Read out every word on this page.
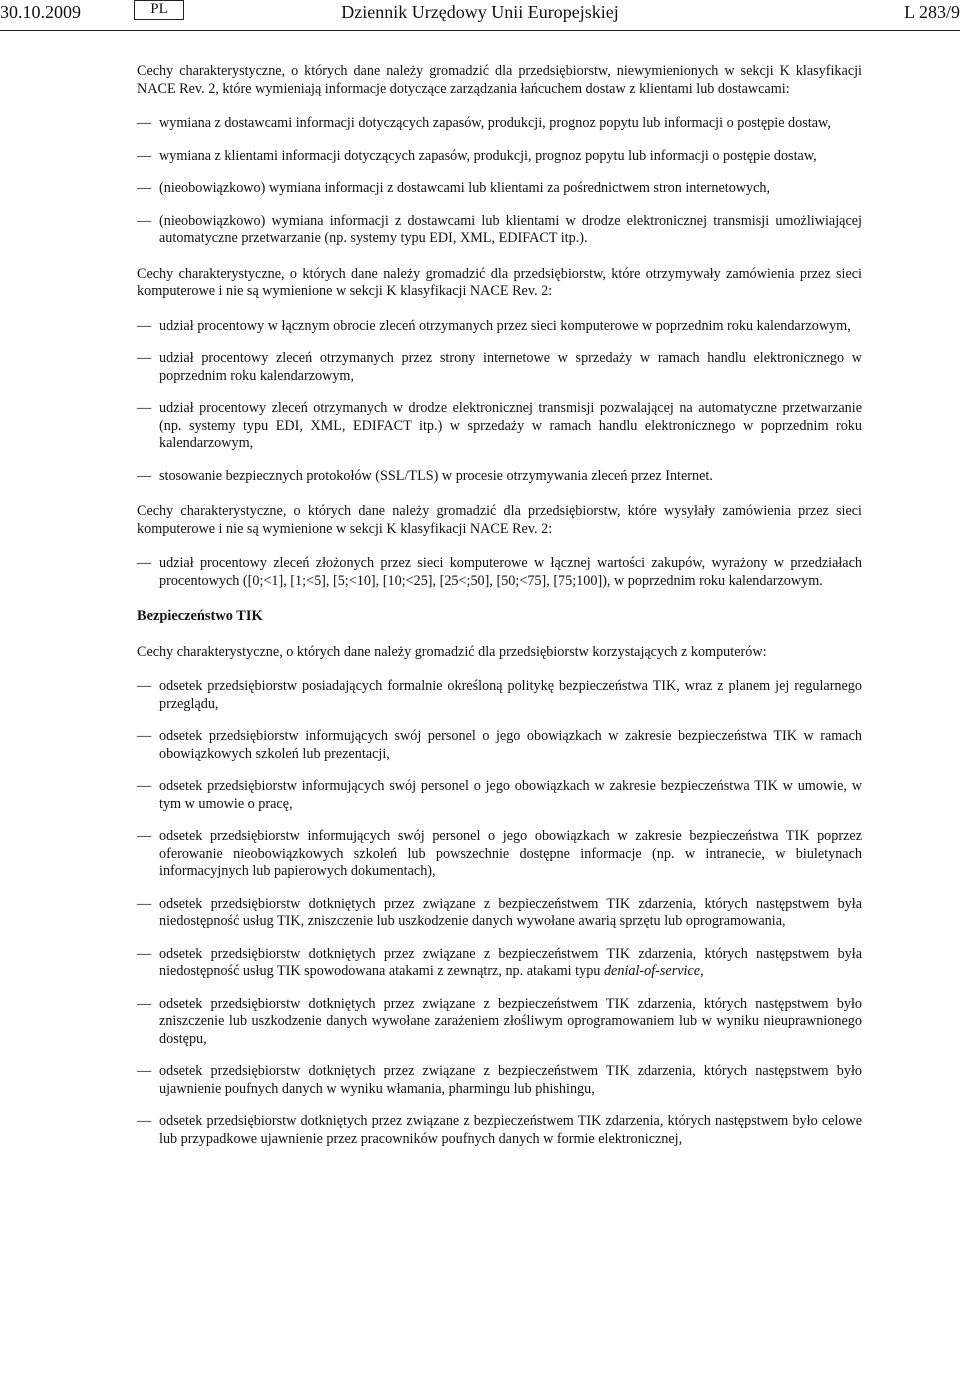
30.10.2009	PL	Dziennik Urzędowy Unii Europejskiej	L 283/9

Cechy charakterystyczne, o których dane należy gromadzić dla przedsiębiorstw, niewymienionych w sekcji K klasyfikacji NACE Rev. 2, które wymieniają informacje dotyczące zarządzania łańcuchem dostaw z klientami lub dostawcami:

— wymiana z dostawcami informacji dotyczących zapasów, produkcji, prognoz popytu lub informacji o postępie dostaw,
— wymiana z klientami informacji dotyczących zapasów, produkcji, prognoz popytu lub informacji o postępie dostaw,
— (nieobowiązkowo) wymiana informacji z dostawcami lub klientami za pośrednictwem stron internetowych,
— (nieobowiązkowo) wymiana informacji z dostawcami lub klientami w drodze elektronicznej transmisji umożliwiającej automatyczne przetwarzanie (np. systemy typu EDI, XML, EDIFACT itp.).

Cechy charakterystyczne, o których dane należy gromadzić dla przedsiębiorstw, które otrzymywały zamówienia przez sieci komputerowe i nie są wymienione w sekcji K klasyfikacji NACE Rev. 2:

— udział procentowy w łącznym obrocie zleceń otrzymanych przez sieci komputerowe w poprzednim roku kalendarzowym,
— udział procentowy zleceń otrzymanych przez strony internetowe w sprzedaży w ramach handlu elektronicznego w poprzednim roku kalendarzowym,
— udział procentowy zleceń otrzymanych w drodze elektronicznej transmisji pozwalającej na automatyczne przetwarzanie (np. systemy typu EDI, XML, EDIFACT itp.) w sprzedaży w ramach handlu elektronicznego w poprzednim roku kalendarzowym,
— stosowanie bezpiecznych protokołów (SSL/TLS) w procesie otrzymywania zleceń przez Internet.

Cechy charakterystyczne, o których dane należy gromadzić dla przedsiębiorstw, które wysyłały zamówienia przez sieci komputerowe i nie są wymienione w sekcji K klasyfikacji NACE Rev. 2:

— udział procentowy zleceń złożonych przez sieci komputerowe w łącznej wartości zakupów, wyrażony w przedziałach procentowych ([0;<1], [1;<5], [5;<10], [10;<25], [25<;50], [50;<75], [75;100]), w poprzednim roku kalendarzowym.

Bezpieczeństwo TIK

Cechy charakterystyczne, o których dane należy gromadzić dla przedsiębiorstw korzystających z komputerów:

— odsetek przedsiębiorstw posiadających formalnie określoną politykę bezpieczeństwa TIK, wraz z planem jej regularnego przeglądu,
— odsetek przedsiębiorstw informujących swój personel o jego obowiązkach w zakresie bezpieczeństwa TIK w ramach obowiązkowych szkoleń lub prezentacji,
— odsetek przedsiębiorstw informujących swój personel o jego obowiązkach w zakresie bezpieczeństwa TIK w umowie, w tym w umowie o pracę,
— odsetek przedsiębiorstw informujących swój personel o jego obowiązkach w zakresie bezpieczeństwa TIK poprzez oferowanie nieobowiązkowych szkoleń lub powszechnie dostępne informacje (np. w intranecie, w biuletynach informacyjnych lub papierowych dokumentach),
— odsetek przedsiębiorstw dotkniętych przez związane z bezpieczeństwem TIK zdarzenia, których następstwem była niedostępność usług TIK, zniszczenie lub uszkodzenie danych wywołane awarią sprzętu lub oprogramowania,
— odsetek przedsiębiorstw dotkniętych przez związane z bezpieczeństwem TIK zdarzenia, których następstwem była niedostępność usług TIK spowodowana atakami z zewnątrz, np. atakami typu denial-of-service,
— odsetek przedsiębiorstw dotkniętych przez związane z bezpieczeństwem TIK zdarzenia, których następstwem było zniszczenie lub uszkodzenie danych wywołane zarażeniem złośliwym oprogramowaniem lub w wyniku nieuprawnionego dostępu,
— odsetek przedsiębiorstw dotkniętych przez związane z bezpieczeństwem TIK zdarzenia, których następstwem było ujawnienie poufnych danych w wyniku włamania, pharmingu lub phishingu,
— odsetek przedsiębiorstw dotkniętych przez związane z bezpieczeństwem TIK zdarzenia, których następstwem było celowe lub przypadkowe ujawnienie przez pracowników poufnych danych w formie elektronicznej,
